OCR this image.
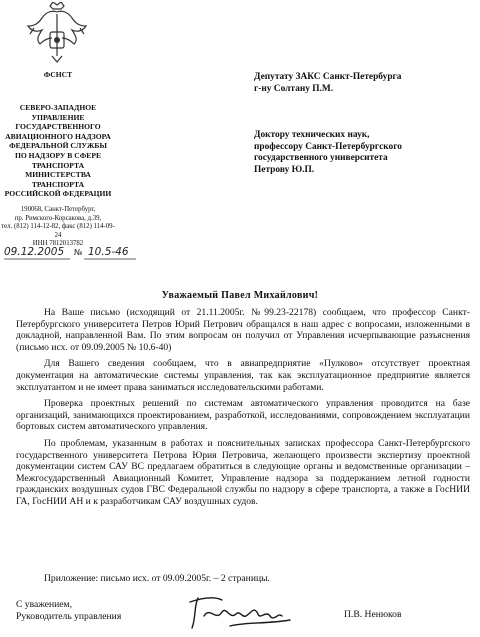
ФСНСТ
СЕВЕРО-ЗАПАДНОЕ
УПРАВЛЕНИЕ
ГОСУДАРСТВЕННОГО
АВИАЦИОННОГО НАДЗОРА
ФЕДЕРАЛЬНОЙ СЛУЖБЫ
ПО НАДЗОРУ В СФЕРЕ ТРАНСПОРТА
МИНИСТЕРСТВА ТРАНСПОРТА
РОССИЙСКОЙ ФЕДЕРАЦИИ
190068, Санкт-Петербург,
пр. Римского-Корсакова, д.39,
тел. (812) 114-12-82, факс (812) 114-09-24
ИНН 7812013782
09.12.2005 № 10.5-46
Депутату ЗАКС Санкт-Петербурга
г-ну Солтану П.М.
Доктору технических наук,
профессору Санкт-Петербургского
государственного университета
Петрову Ю.П.
Уважаемый Павел Михайлович!

На Ваше письмо (исходящий от 21.11.2005г. №99.23-22178) сообщаем, что профессор Санкт-Петербургского университета Петров Юрий Петрович обращался в наш адрес с вопросами, изложенными в докладной, направленной Вам. По этим вопросам он получил от Управления исчерпывающие разъяснения (письмо исх. от 09.09.2005 № 10.6-40)

Для Вашего сведения сообщаем, что в авиапредприятие «Пулково» отсутствует проектная документация на автоматические системы управления, так как эксплуатационное предприятие является эксплуатантом и не имеет права заниматься исследовательскими работами.

Проверка проектных решений по системам автоматического управления проводится на базе организаций, занимающихся проектированием, разработкой, исследованиями, сопровождением эксплуатации бортовых систем автоматического управления.

По проблемам, указанным в работах и пояснительных записках профессора Санкт-Петербургского государственного университета Петрова Юрия Петровича, желающего произвести экспертизу проектной документации систем САУ ВС предлагаем обратиться в следующие органы и ведомственные организации – Межгосударственный Авиационный Комитет, Управление надзора за поддержанием летной годности гражданских воздушных судов ГВС Федеральной службы по надзору в сфере транспорта, а также в ГосНИИ ГА, ГосНИИ АН и к разработчикам САУ воздушных судов.

Приложение: письмо исх. от 09.09.2005г. – 2 страницы.
С уважением,
Руководитель управления	П.В. Ненюков
